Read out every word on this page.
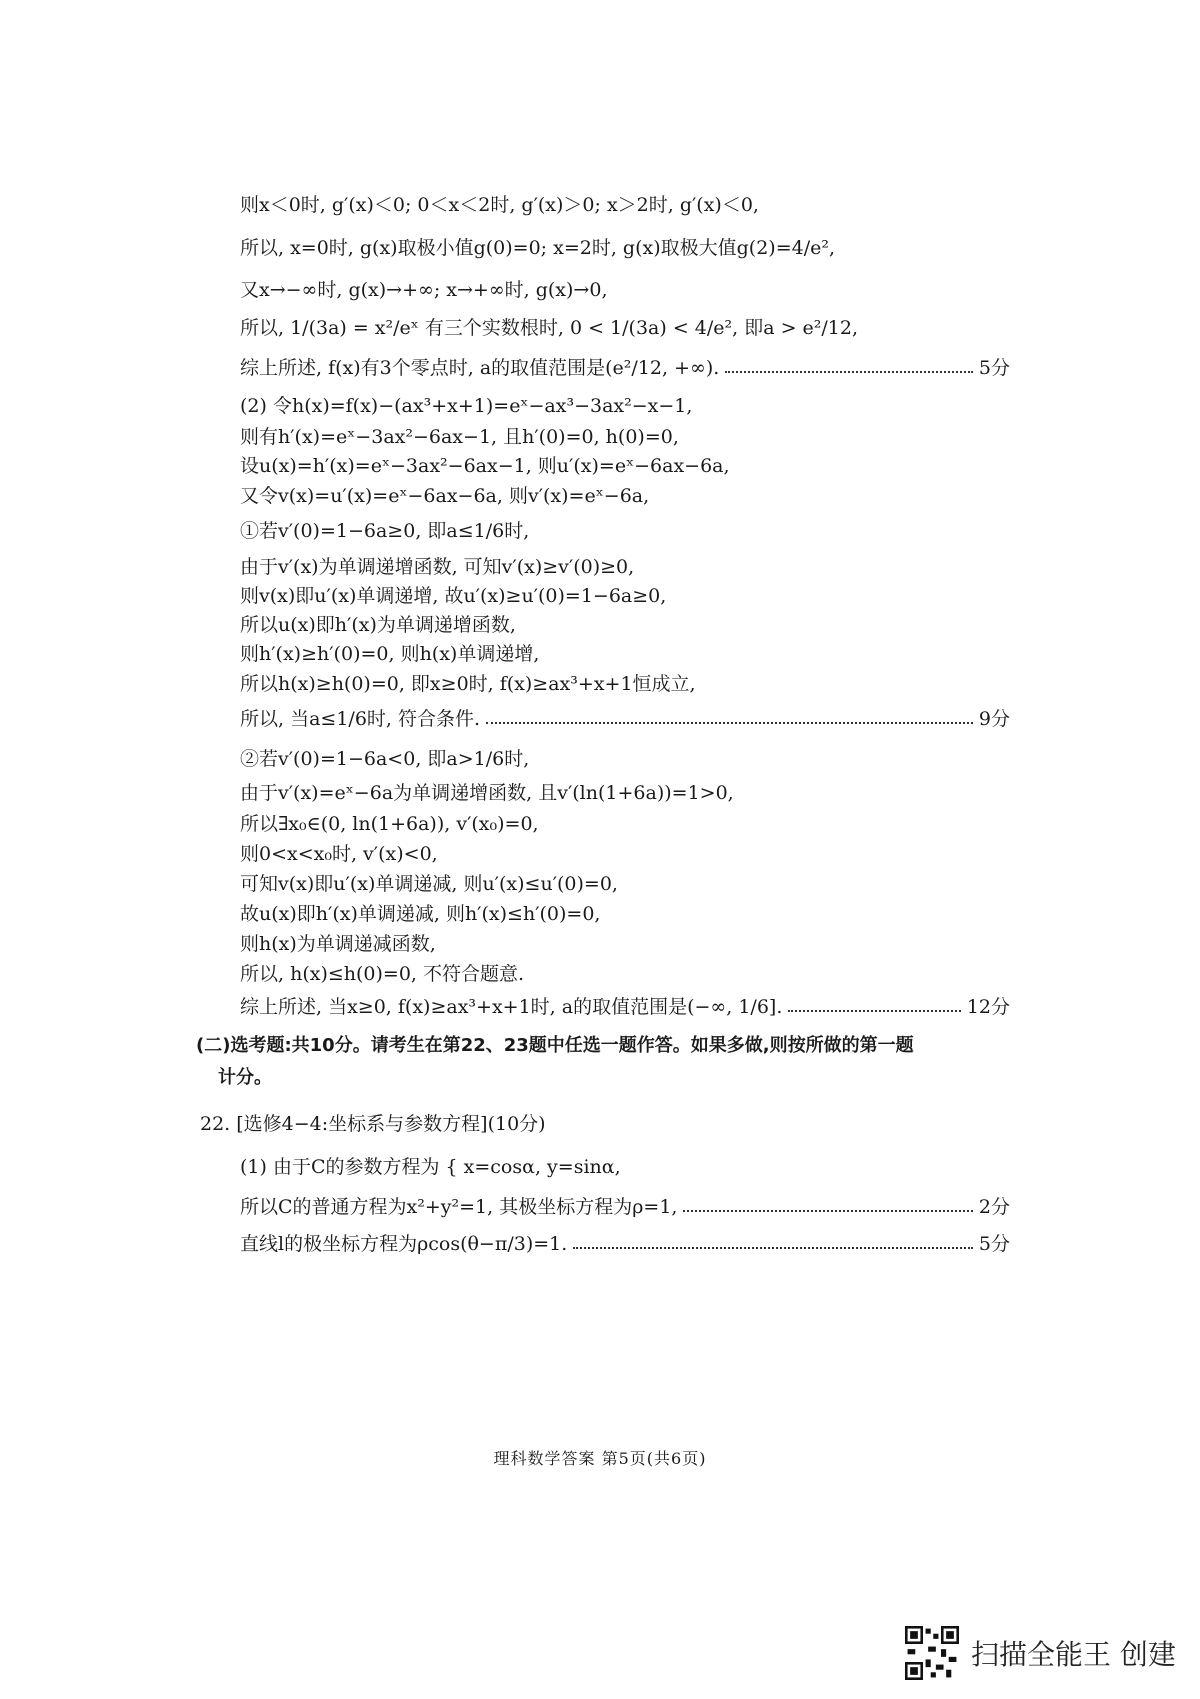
则x＜0时, g′(x)＜0; 0＜x＜2时, g′(x)＞0; x＞2时, g′(x)＜0,
所以, x=0时, g(x)取极小值g(0)=0; x=2时, g(x)取极大值g(2)=4/e²,
又x→−∞时, g(x)→+∞; x→+∞时, g(x)→0,
所以, 1/(3a) = x²/eˣ 有三个实数根时, 0 < 1/(3a) < 4/e², 即a > e²/12,
综上所述, f(x)有3个零点时, a的取值范围是(e²/12, +∞).	5分
(2) 令h(x)=f(x)−(ax³+x+1)=eˣ−ax³−3ax²−x−1,
则有h′(x)=eˣ−3ax²−6ax−1, 且h′(0)=0, h(0)=0,
设u(x)=h′(x)=eˣ−3ax²−6ax−1, 则u′(x)=eˣ−6ax−6a,
又令v(x)=u′(x)=eˣ−6ax−6a, 则v′(x)=eˣ−6a,
①若v′(0)=1−6a≥0, 即a≤1/6时,
由于v′(x)为单调递增函数, 可知v′(x)≥v′(0)≥0,
则v(x)即u′(x)单调递增, 故u′(x)≥u′(0)=1−6a≥0,
所以u(x)即h′(x)为单调递增函数,
则h′(x)≥h′(0)=0, 则h(x)单调递增,
所以h(x)≥h(0)=0, 即x≥0时, f(x)≥ax³+x+1恒成立,
所以, 当a≤1/6时, 符合条件.	9分
②若v′(0)=1−6a<0, 即a>1/6时,
由于v′(x)=eˣ−6a为单调递增函数, 且v′(ln(1+6a))=1>0,
所以∃x₀∈(0, ln(1+6a)), v′(x₀)=0,
则0<x<x₀时, v′(x)<0,
可知v(x)即u′(x)单调递减, 则u′(x)≤u′(0)=0,
故u(x)即h′(x)单调递减, 则h′(x)≤h′(0)=0,
则h(x)为单调递减函数,
所以, h(x)≤h(0)=0, 不符合题意.
综上所述, 当x≥0, f(x)≥ax³+x+1时, a的取值范围是(−∞, 1/6].	12分
(二)选考题:共10分。请考生在第22、23题中任选一题作答。如果多做,则按所做的第一题
计分。
22. [选修4−4:坐标系与参数方程](10分)
(1) 由于C的参数方程为 { x=cosα, y=sinα,
所以C的普通方程为x²+y²=1, 其极坐标方程为ρ=1,	2分
直线l的极坐标方程为ρcos(θ−π/3)=1.	5分
理科数学答案 第5页(共6页)
扫描全能王 创建
